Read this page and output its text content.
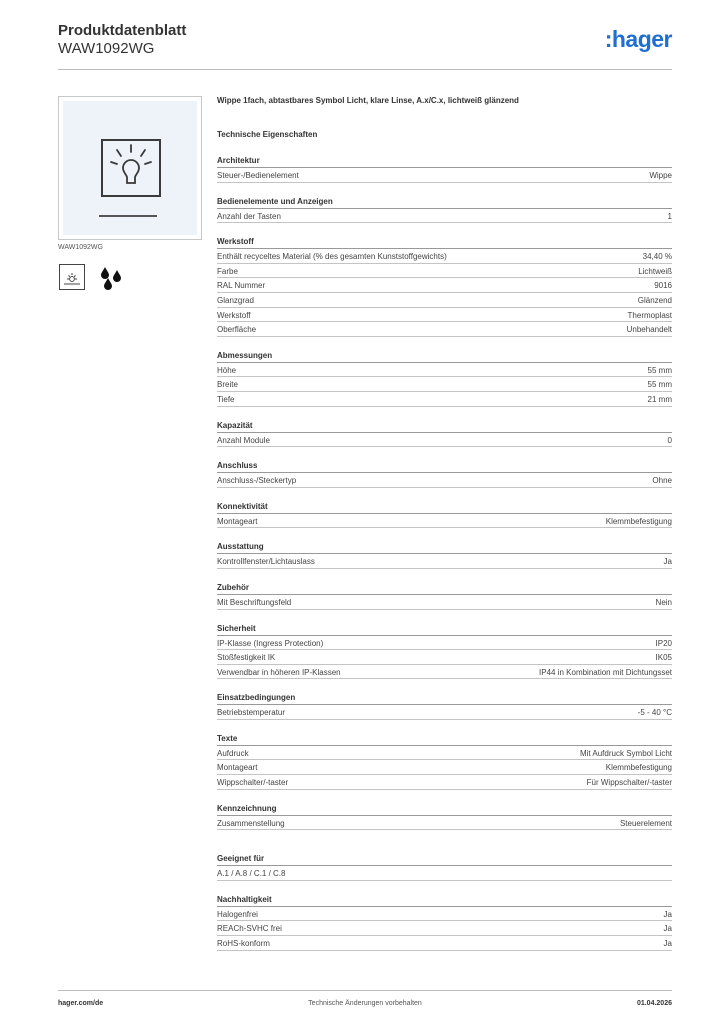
Produktdatenblatt
WAW1092WG	:hager
WAW1092WG
Wippe 1fach, abtastbares Symbol Licht, klare Linse, A.x/C.x, lichtweiß glänzend
Technische Eigenschaften
Architektur
Steuer-/Bedienelement	Wippe
Bedienelemente und Anzeigen
Anzahl der Tasten	1
Werkstoff
Enthält recyceltes Material (% des gesamten Kunststoffgewichts)	34,40 %
Farbe	Lichtweiß
RAL Nummer	9016
Glanzgrad	Glänzend
Werkstoff	Thermoplast
Oberfläche	Unbehandelt
Abmessungen
Höhe	55 mm
Breite	55 mm
Tiefe	21 mm
Kapazität
Anzahl Module	0
Anschluss
Anschluss-/Steckertyp	Ohne
Konnektivität
Montageart	Klemmbefestigung
Ausstattung
Kontrollfenster/Lichtauslass	Ja
Zubehör
Mit Beschriftungsfeld	Nein
Sicherheit
IP-Klasse (Ingress Protection)	IP20
Stoßfestigkeit IK	IK05
Verwendbar in höheren IP-Klassen	IP44 in Kombination mit Dichtungsset
Einsatzbedingungen
Betriebstemperatur	-5 - 40 °C
Texte
Aufdruck	Mit Aufdruck Symbol Licht
Montageart	Klemmbefestigung
Wippschalter/-taster	Für Wippschalter/-taster
Kennzeichnung
Zusammenstellung	Steuerelement
Geeignet für
A.1 / A.8 / C.1 / C.8
Nachhaltigkeit
Halogenfrei	Ja
REACh-SVHC frei	Ja
RoHS-konform	Ja
hager.com/de	Technische Änderungen vorbehalten	01.04.2026
